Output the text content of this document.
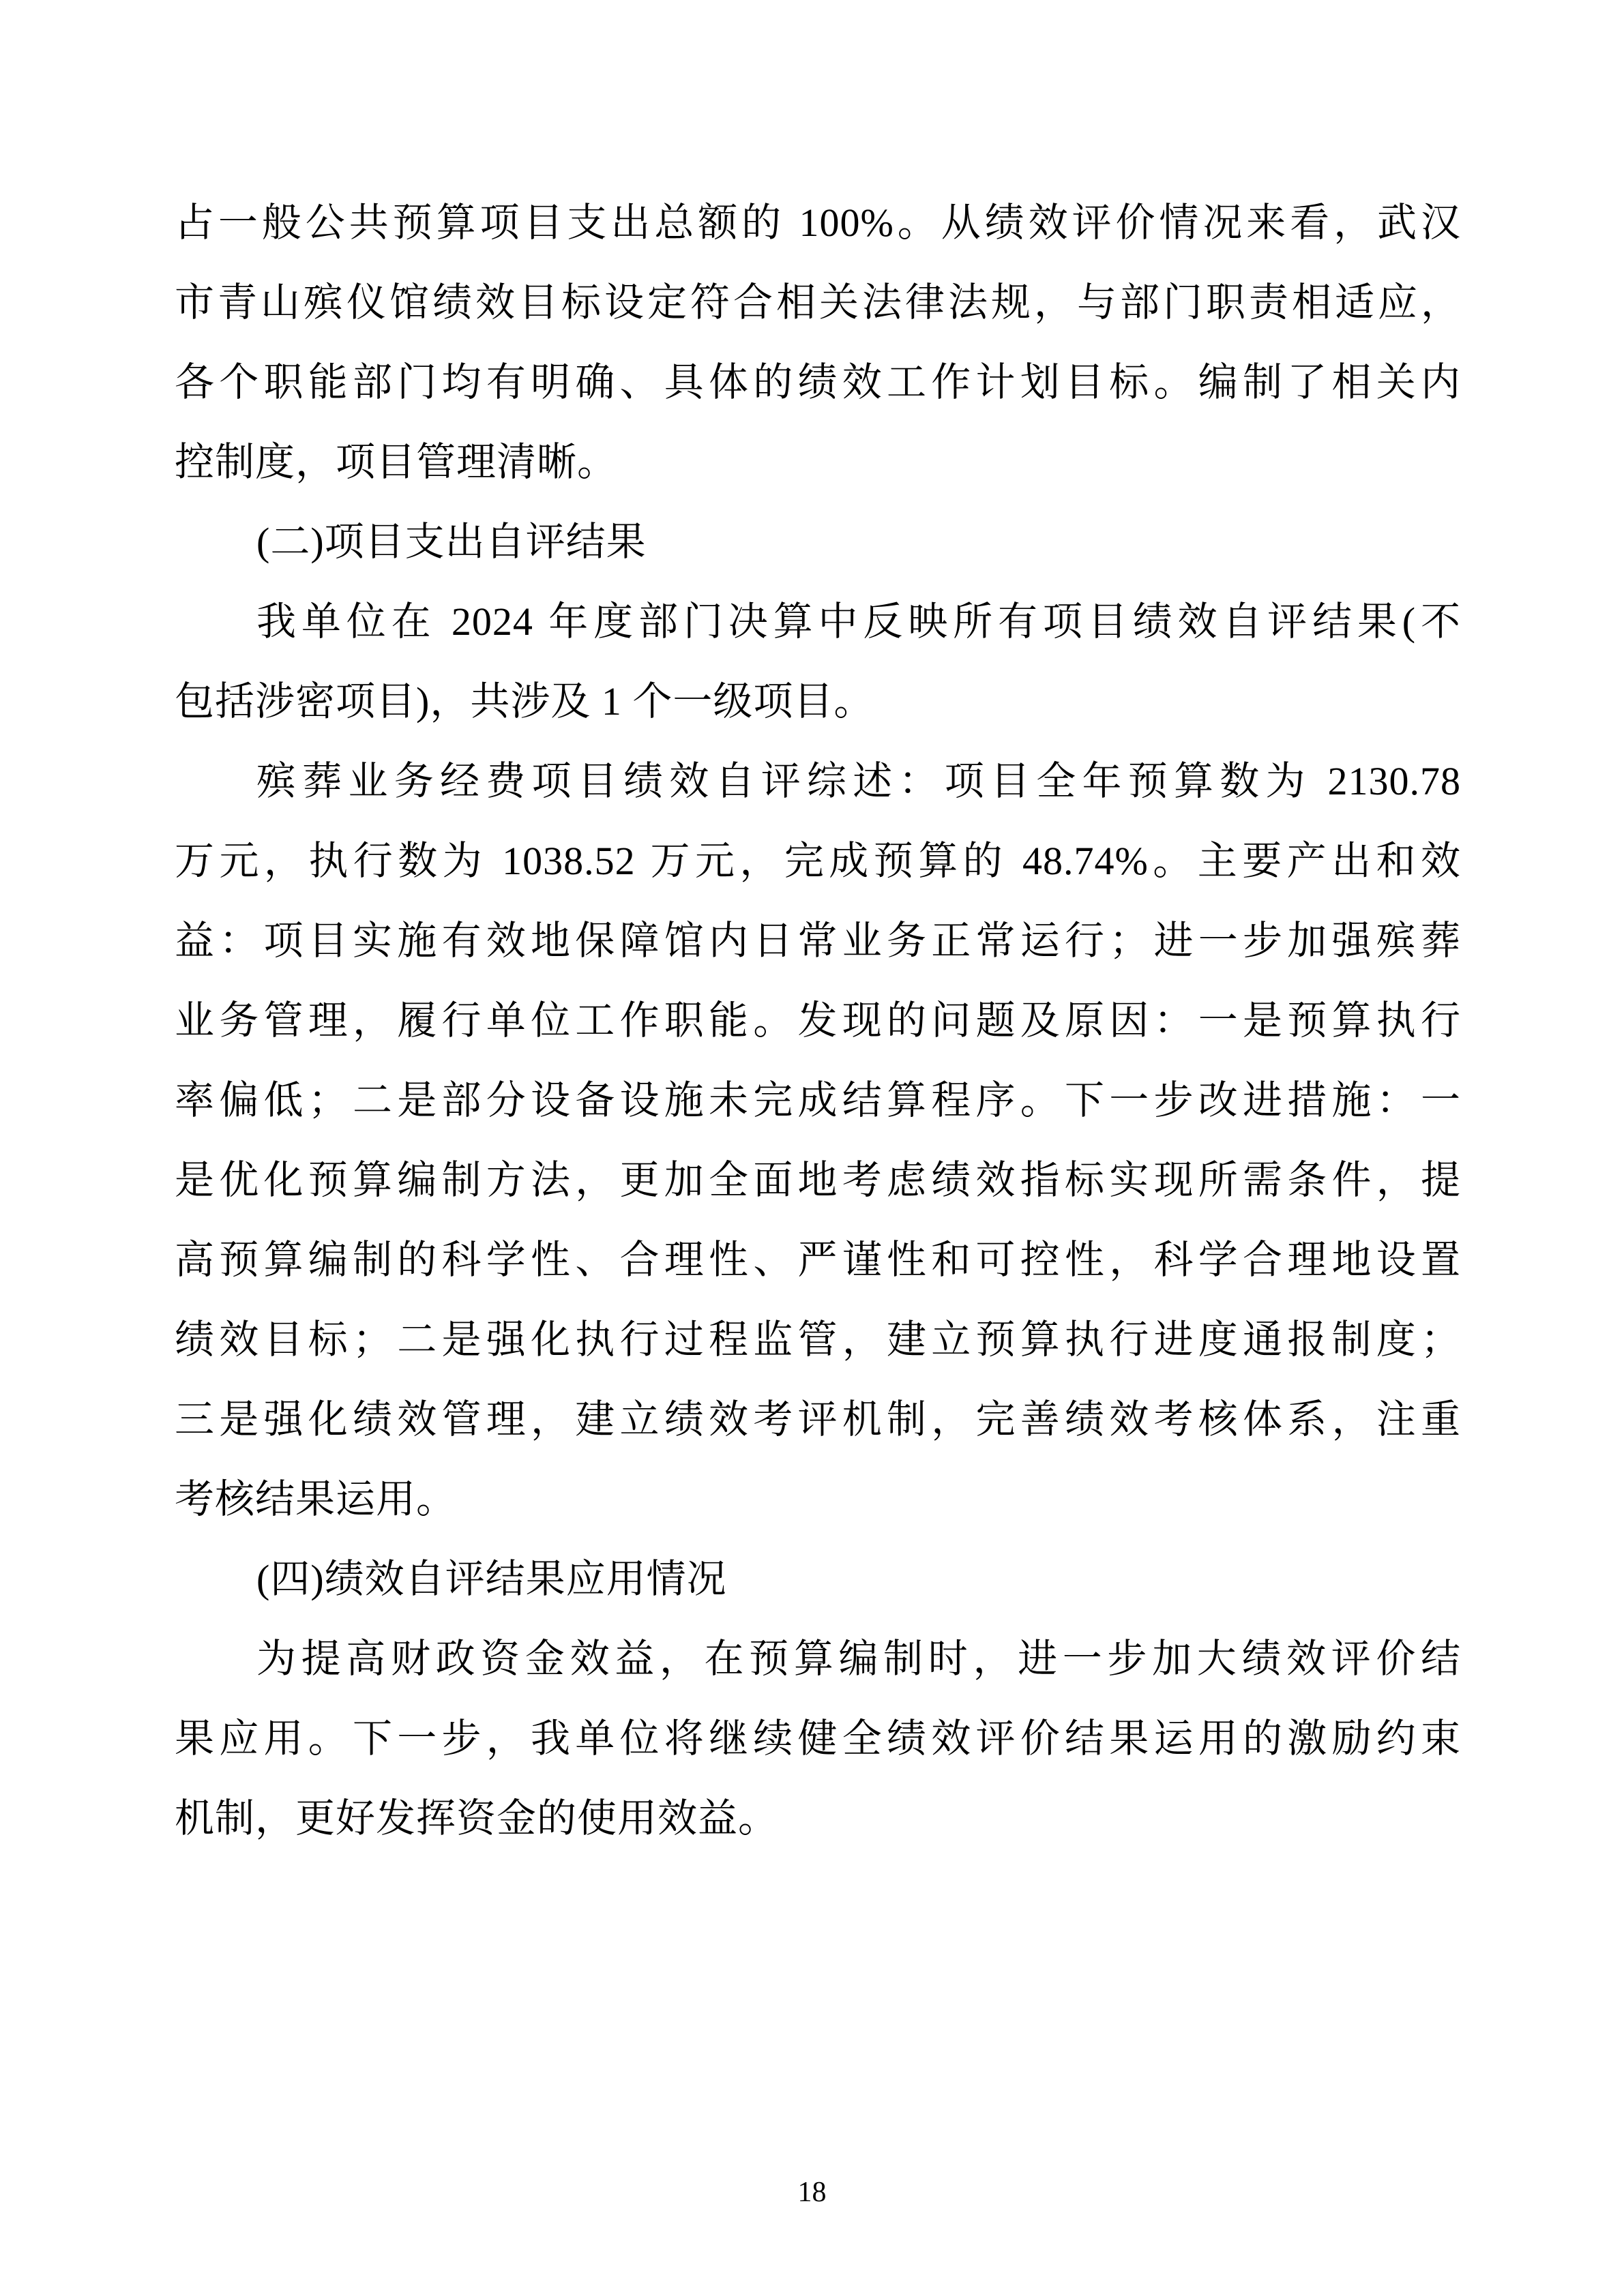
占一般公共预算项目支出总额的 100%。从绩效评价情况来看，武汉
市青山殡仪馆绩效目标设定符合相关法律法规，与部门职责相适应，
各个职能部门均有明确、具体的绩效工作计划目标。编制了相关内
控制度，项目管理清晰。
(二)项目支出自评结果
我单位在 2024 年度部门决算中反映所有项目绩效自评结果(不
包括涉密项目)，共涉及 1 个一级项目。
殡葬业务经费项目绩效自评综述：项目全年预算数为 2130.78
万元，执行数为 1038.52 万元，完成预算的 48.74%。主要产出和效
益：项目实施有效地保障馆内日常业务正常运行；进一步加强殡葬
业务管理，履行单位工作职能。发现的问题及原因：一是预算执行
率偏低；二是部分设备设施未完成结算程序。下一步改进措施：一
是优化预算编制方法，更加全面地考虑绩效指标实现所需条件，提
高预算编制的科学性、合理性、严谨性和可控性，科学合理地设置
绩效目标；二是强化执行过程监管，建立预算执行进度通报制度；
三是强化绩效管理，建立绩效考评机制，完善绩效考核体系，注重
考核结果运用。
(四)绩效自评结果应用情况
为提高财政资金效益，在预算编制时，进一步加大绩效评价结
果应用。下一步，我单位将继续健全绩效评价结果运用的激励约束
机制，更好发挥资金的使用效益。
18
